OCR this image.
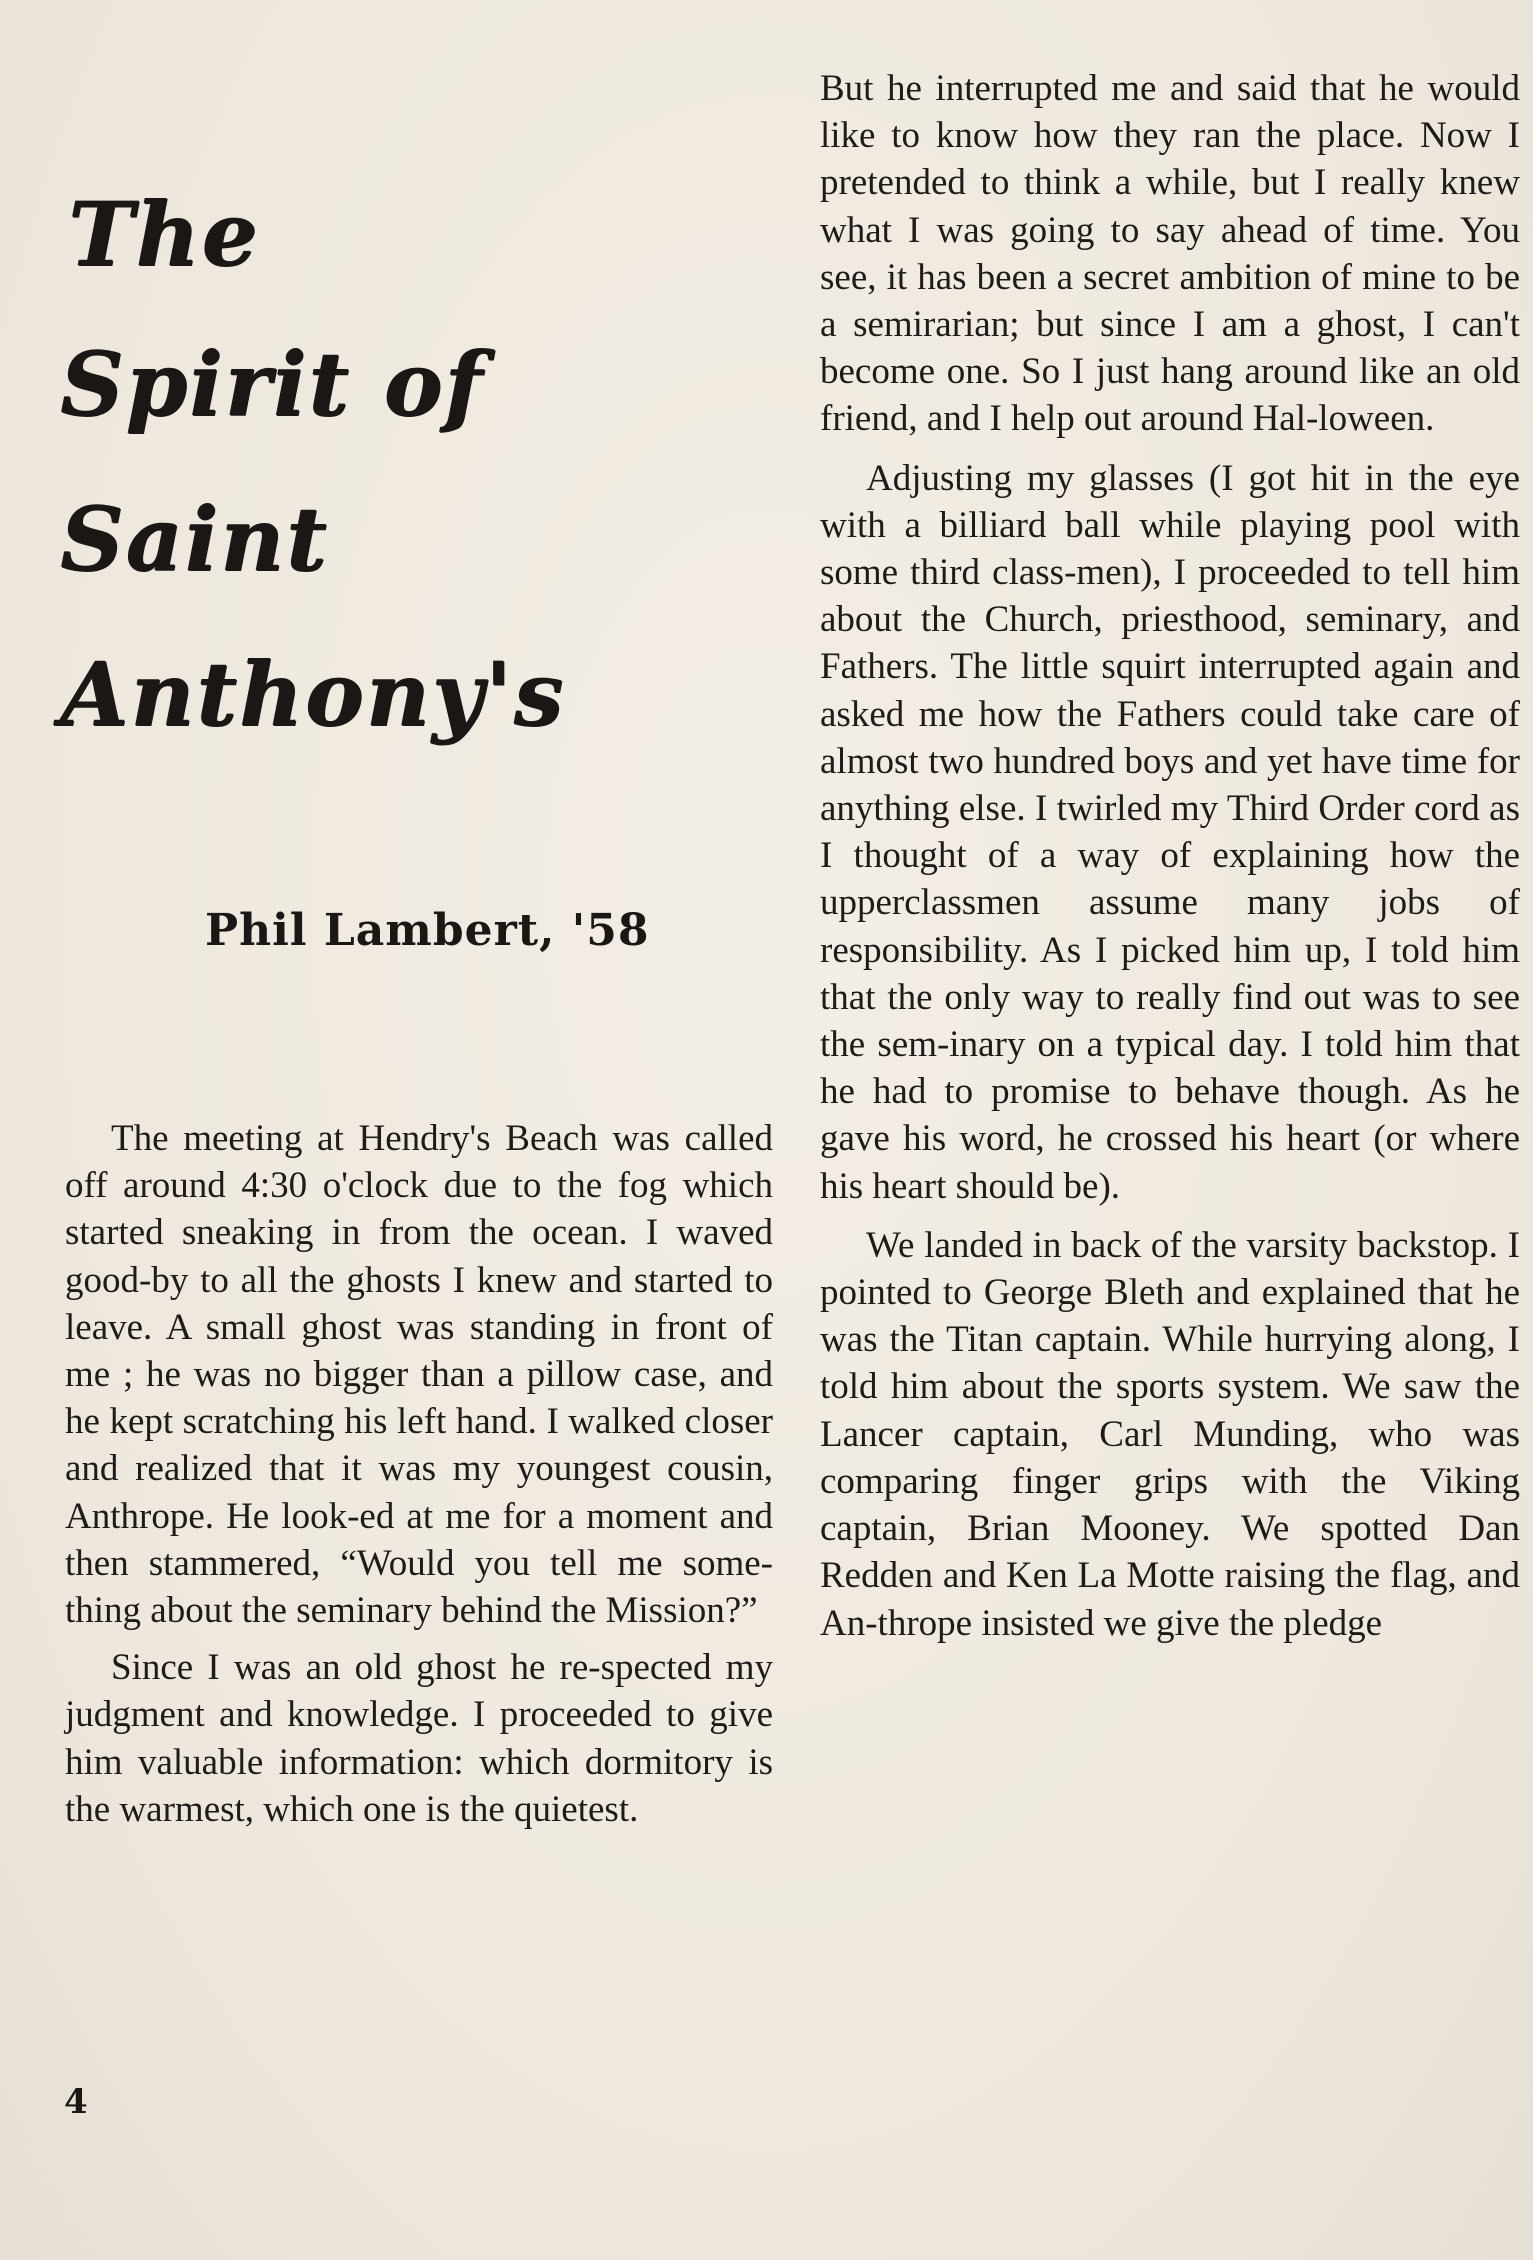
The
Spirit of
Saint
Anthony's
Phil Lambert, '58

The meeting at Hendry's Beach was called off around 4:30 o'clock due to the fog which started sneaking in from the ocean. I waved good-by to all the ghosts I knew and started to leave. A small ghost was standing in front of me ; he was no bigger than a pillow case, and he kept scratching his left hand. I walked closer and realized that it was my youngest cousin, Anthrope. He look-ed at me for a moment and then stammered, “Would you tell me some-thing about the seminary behind the Mission?”

Since I was an old ghost he re-spected my judgment and knowledge. I proceeded to give him valuable information: which dormitory is the warmest, which one is the quietest.

But he interrupted me and said that he would like to know how they ran the place. Now I pretended to think a while, but I really knew what I was going to say ahead of time. You see, it has been a secret ambition of mine to be a semirarian; but since I am a ghost, I can't become one. So I just hang around like an old friend, and I help out around Hal-loween.

Adjusting my glasses (I got hit in the eye with a billiard ball while playing pool with some third class-men), I proceeded to tell him about the Church, priesthood, seminary, and Fathers. The little squirt interrupted again and asked me how the Fathers could take care of almost two hundred boys and yet have time for anything else. I twirled my Third Order cord as I thought of a way of explaining how the upperclassmen assume many jobs of responsibility. As I picked him up, I told him that the only way to really find out was to see the sem-inary on a typical day. I told him that he had to promise to behave though. As he gave his word, he crossed his heart (or where his heart should be).

We landed in back of the varsity backstop. I pointed to George Bleth and explained that he was the Titan captain. While hurrying along, I told him about the sports system. We saw the Lancer captain, Carl Munding, who was comparing finger grips with the Viking captain, Brian Mooney. We spotted Dan Redden and Ken La Motte raising the flag, and An-thrope insisted we give the pledge

4
